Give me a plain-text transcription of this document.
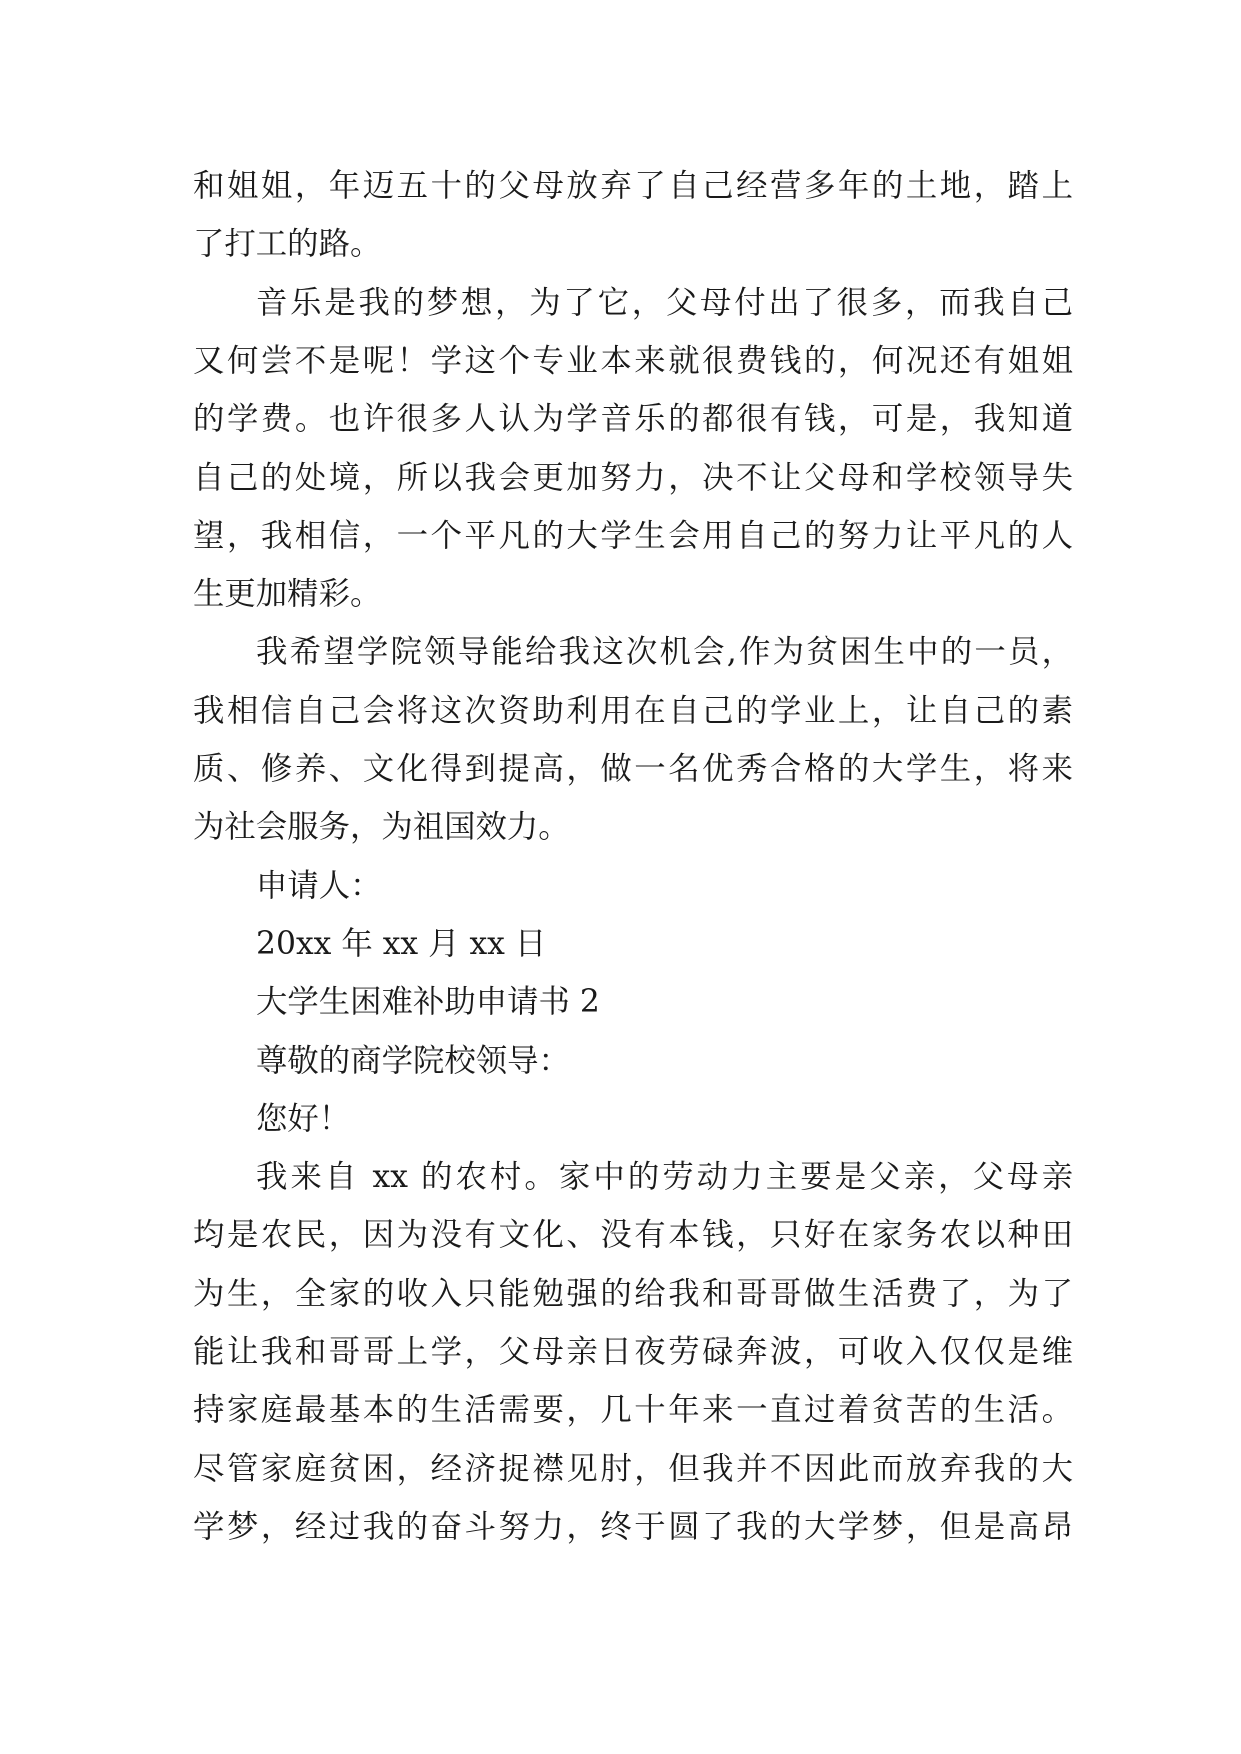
和姐姐，年迈五十的父母放弃了自己经营多年的土地，踏上
了打工的路。
音乐是我的梦想，为了它，父母付出了很多，而我自己
又何尝不是呢！学这个专业本来就很费钱的，何况还有姐姐
的学费。也许很多人认为学音乐的都很有钱，可是，我知道
自己的处境，所以我会更加努力，决不让父母和学校领导失
望，我相信，一个平凡的大学生会用自己的努力让平凡的人
生更加精彩。
我希望学院领导能给我这次机会,作为贫困生中的一员，
我相信自己会将这次资助利用在自己的学业上，让自己的素
质、修养、文化得到提高，做一名优秀合格的大学生，将来
为社会服务，为祖国效力。
申请人：
20xx 年 xx 月 xx 日
大学生困难补助申请书 2
尊敬的商学院校领导：
您好！
我来自 xx 的农村。家中的劳动力主要是父亲，父母亲
均是农民，因为没有文化、没有本钱，只好在家务农以种田
为生，全家的收入只能勉强的给我和哥哥做生活费了，为了
能让我和哥哥上学，父母亲日夜劳碌奔波，可收入仅仅是维
持家庭最基本的生活需要，几十年来一直过着贫苦的生活。
尽管家庭贫困，经济捉襟见肘，但我并不因此而放弃我的大
学梦，经过我的奋斗努力，终于圆了我的大学梦，但是高昂
